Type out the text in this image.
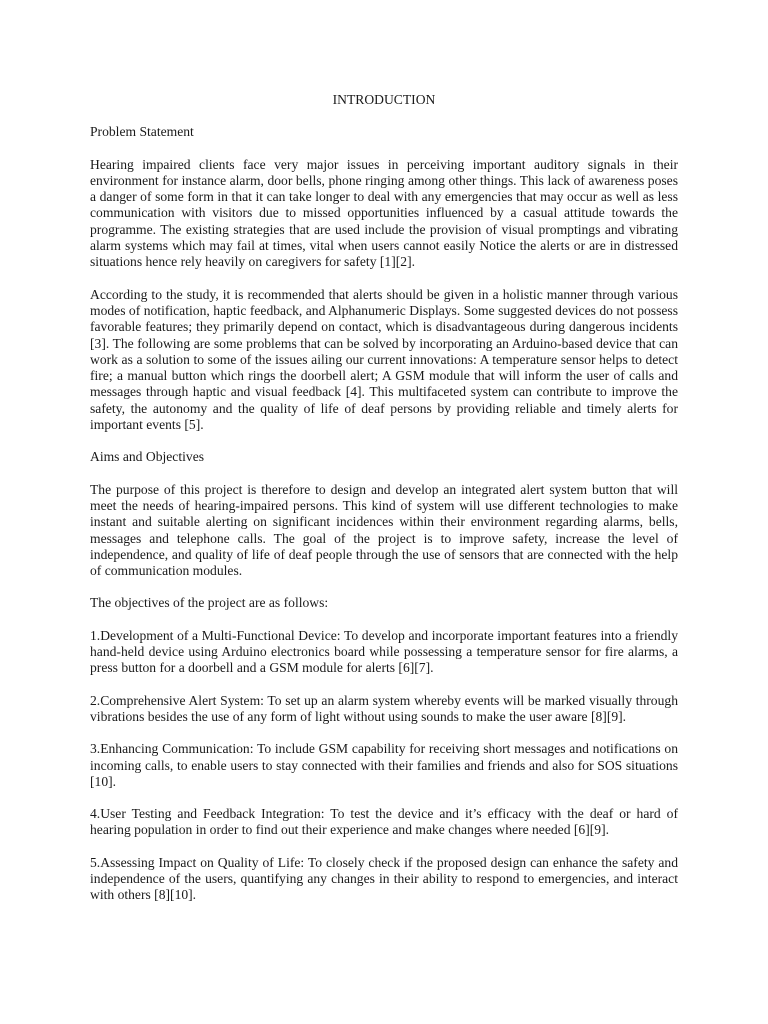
INTRODUCTION
Problem Statement
Hearing impaired clients face very major issues in perceiving important auditory signals in their environment for instance alarm, door bells, phone ringing among other things. This lack of awareness poses a danger of some form in that it can take longer to deal with any emergencies that may occur as well as less communication with visitors due to missed opportunities influenced by a casual attitude towards the programme. The existing strategies that are used include the provision of visual promptings and vibrating alarm systems which may fail at times, vital when users cannot easily Notice the alerts or are in distressed situations hence rely heavily on caregivers for safety [1][2].
According to the study, it is recommended that alerts should be given in a holistic manner through various modes of notification, haptic feedback, and Alphanumeric Displays. Some suggested devices do not possess favorable features; they primarily depend on contact, which is disadvantageous during dangerous incidents [3]. The following are some problems that can be solved by incorporating an Arduino-based device that can work as a solution to some of the issues ailing our current innovations: A temperature sensor helps to detect fire; a manual button which rings the doorbell alert; A GSM module that will inform the user of calls and messages through haptic and visual feedback [4]. This multifaceted system can contribute to improve the safety, the autonomy and the quality of life of deaf persons by providing reliable and timely alerts for important events [5].
Aims and Objectives
The purpose of this project is therefore to design and develop an integrated alert system button that will meet the needs of hearing-impaired persons. This kind of system will use different technologies to make instant and suitable alerting on significant incidences within their environment regarding alarms, bells, messages and telephone calls. The goal of the project is to improve safety, increase the level of independence, and quality of life of deaf people through the use of sensors that are connected with the help of communication modules.
The objectives of the project are as follows:
1.Development of a Multi-Functional Device: To develop and incorporate important features into a friendly hand-held device using Arduino electronics board while possessing a temperature sensor for fire alarms, a press button for a doorbell and a GSM module for alerts [6][7].
2.Comprehensive Alert System: To set up an alarm system whereby events will be marked visually through vibrations besides the use of any form of light without using sounds to make the user aware [8][9].
3.Enhancing Communication: To include GSM capability for receiving short messages and notifications on incoming calls, to enable users to stay connected with their families and friends and also for SOS situations [10].
4.User Testing and Feedback Integration: To test the device and it’s efficacy with the deaf or hard of hearing population in order to find out their experience and make changes where needed [6][9].
5.Assessing Impact on Quality of Life: To closely check if the proposed design can enhance the safety and independence of the users, quantifying any changes in their ability to respond to emergencies, and interact with others [8][10].
